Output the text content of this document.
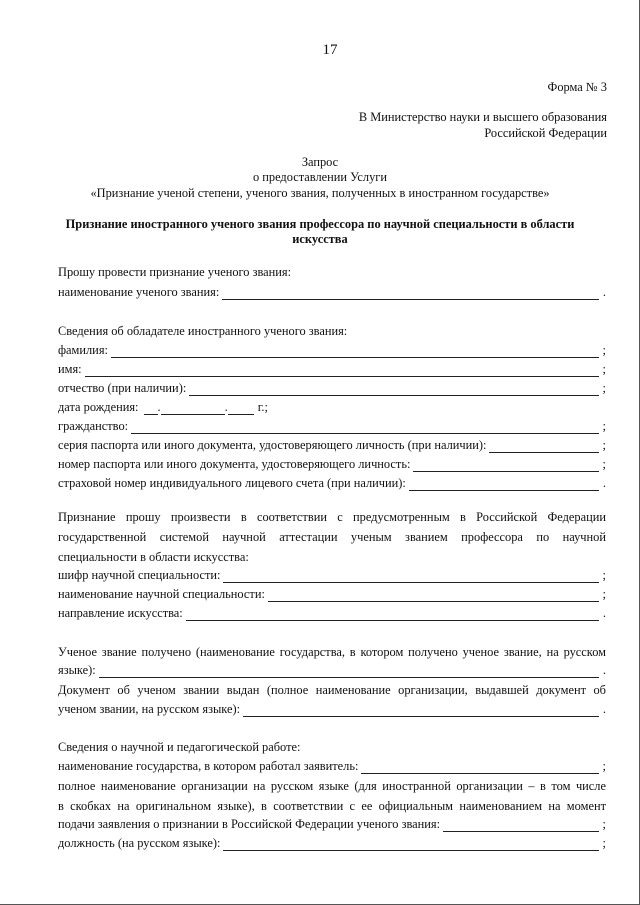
17
Форма № 3
В Министерство науки и высшего образования
Российской Федерации
Запрос
о предоставлении Услуги
«Признание ученой степени, ученого звания, полученных в иностранном государстве»
Признание иностранного ученого звания профессора по научной специальности в области
искусства
Прошу провести признание ученого звания:
наименование ученого звания:	.
Сведения об обладателе иностранного ученого звания:
фамилия:	;
имя:	;
отчество (при наличии):	;
дата рождения: .	. г.;
гражданство:	;
серия паспорта или иного документа, удостоверяющего личность (при наличии):	;
номер паспорта или иного документа, удостоверяющего личность:	;
страховой номер индивидуального лицевого счета (при наличии):	.
Признание прошу произвести в соответствии с предусмотренным в Российской Федерации
государственной системой научной аттестации ученым званием профессора по научной
специальности в области искусства:
шифр научной специальности:	;
наименование научной специальности:	;
направление искусства:	.
Ученое звание получено (наименование государства, в котором получено ученое звание, на русском
языке):	.
Документ об ученом звании выдан (полное наименование организации, выдавшей документ об
ученом звании, на русском языке):	.
Сведения о научной и педагогической работе:
наименование государства, в котором работал заявитель:	;
полное наименование организации на русском языке (для иностранной организации – в том числе
в скобках на оригинальном языке), в соответствии с ее официальным наименованием на момент
подачи заявления о признании в Российской Федерации ученого звания:	;
должность (на русском языке):	;
